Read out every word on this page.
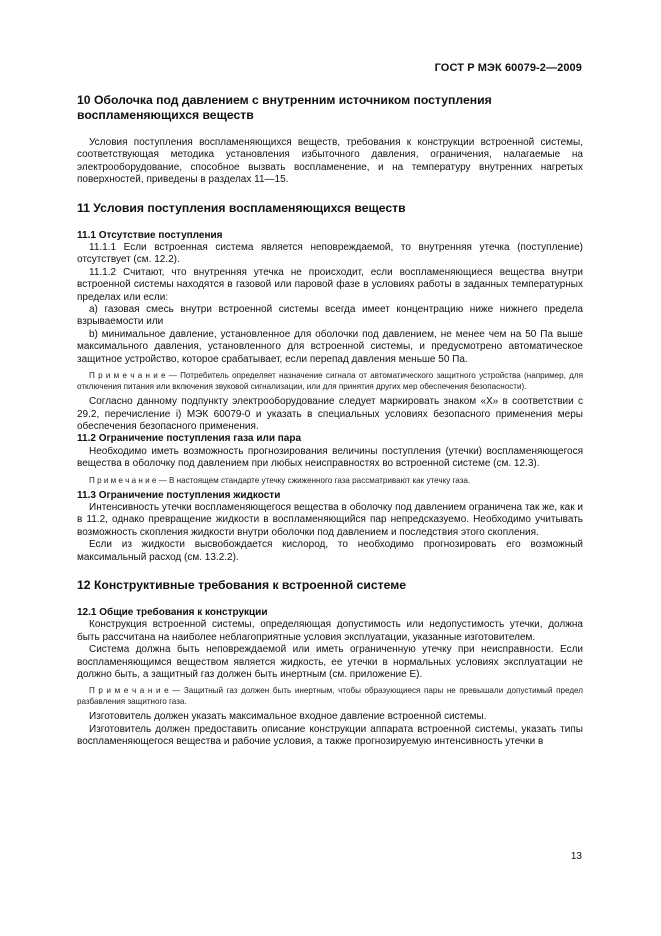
ГОСТ Р МЭК 60079-2—2009
10 Оболочка под давлением с внутренним источником поступления воспламеняющихся веществ

Условия поступления воспламеняющихся веществ, требования к конструкции встроенной системы, соответствующая методика установления избыточного давления, ограничения, налагаемые на электрооборудование, способное вызвать воспламенение, и на температуру внутренних нагретых поверхностей, приведены в разделах 11—15.

11 Условия поступления воспламеняющихся веществ
11.1 Отсутствие поступления

11.1.1 Если встроенная система является неповреждаемой, то внутренняя утечка (поступление) отсутствует (см. 12.2).

11.1.2 Считают, что внутренняя утечка не происходит, если воспламеняющиеся вещества внутри встроенной системы находятся в газовой или паровой фазе в условиях работы в заданных температурных пределах или если:

a) газовая смесь внутри встроенной системы всегда имеет концентрацию ниже нижнего предела взрываемости или

b) минимальное давление, установленное для оболочки под давлением, не менее чем на 50 Па выше максимального давления, установленного для встроенной системы, и предусмотрено автоматическое защитное устройство, которое срабатывает, если перепад давления меньше 50 Па.

П р и м е ч а н и е — Потребитель определяет назначение сигнала от автоматического защитного устройства (например, для отключения питания или включения звуковой сигнализации, или для принятия других мер обеспечения безопасности).

Согласно данному подпункту электрооборудование следует маркировать знаком «Х» в соответствии с 29.2, перечисление i) МЭК 60079-0 и указать в специальных условиях безопасного применения меры обеспечения безопасного применения.

11.2 Ограничение поступления газа или пара

Необходимо иметь возможность прогнозирования величины поступления (утечки) воспламеняющегося вещества в оболочку под давлением при любых неисправностях во встроенной системе (см. 12.3).

П р и м е ч а н и е — В настоящем стандарте утечку сжиженного газа рассматривают как утечку газа.

11.3 Ограничение поступления жидкости

Интенсивность утечки воспламеняющегося вещества в оболочку под давлением ограничена так же, как и в 11.2, однако превращение жидкости в воспламеняющийся пар непредсказуемо. Необходимо учитывать возможность скопления жидкости внутри оболочки под давлением и последствия этого скопления.

Если из жидкости высвобождается кислород, то необходимо прогнозировать его возможный максимальный расход (см. 13.2.2).

12 Конструктивные требования к встроенной системе
12.1 Общие требования к конструкции

Конструкция встроенной системы, определяющая допустимость или недопустимость утечки, должна быть рассчитана на наиболее неблагоприятные условия эксплуатации, указанные изготовителем.

Система должна быть неповреждаемой или иметь ограниченную утечку при неисправности. Если воспламеняющимся веществом является жидкость, ее утечки в нормальных условиях эксплуатации не должно быть, а защитный газ должен быть инертным (см. приложение Е).

П р и м е ч а н и е — Защитный газ должен быть инертным, чтобы образующиеся пары не превышали допустимый предел разбавления защитного газа.

Изготовитель должен указать максимальное входное давление встроенной системы.

Изготовитель должен предоставить описание конструкции аппарата встроенной системы, указать типы воспламеняющегося вещества и рабочие условия, а также прогнозируемую интенсивность утечки в

13
